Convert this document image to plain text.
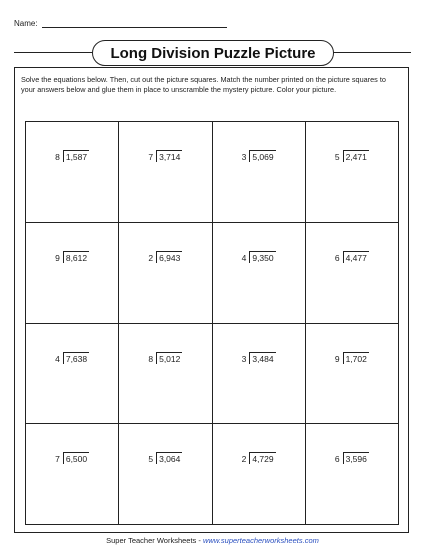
Name:
Long Division Puzzle Picture
Solve the equations below. Then, cut out the picture squares. Match the number printed on the picture squares to your answers below and glue them in place to unscramble the mystery picture. Color your picture.
8 1,587	7 3,714	3 5,069	5 2,471
9 8,612	2 6,943	4 9,350	6 4,477
4 7,638	8 5,012	3 3,484	9 1,702
7 6,500	5 3,064	2 4,729	6 3,596
Super Teacher Worksheets - www.superteacherworksheets.com
